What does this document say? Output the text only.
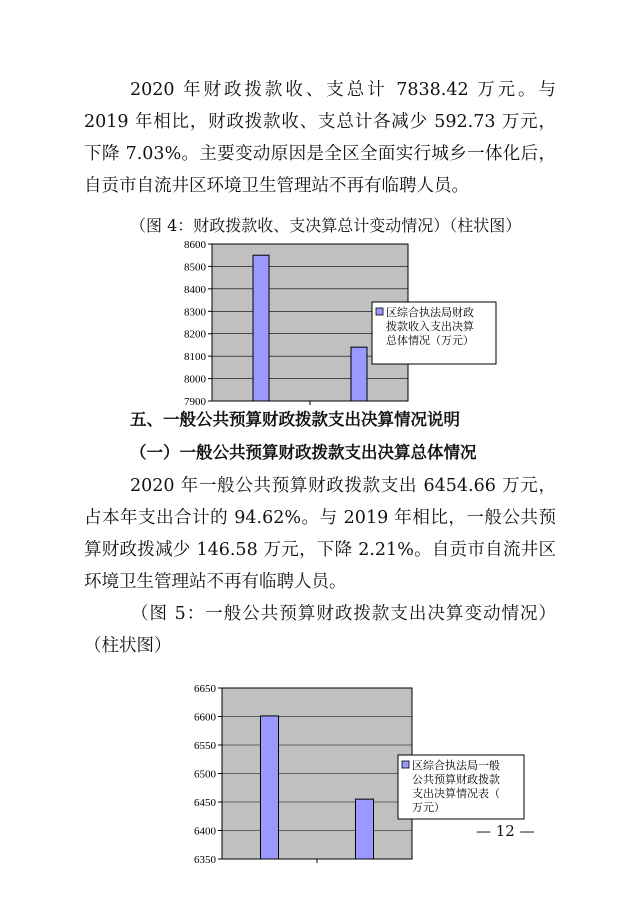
2020 年财政拨款收、支总计 7838.42 万元。与 2019 年相比，财政拨款收、支总计各减少 592.73 万元，下降 7.03%。主要变动原因是全区全面实行城乡一体化后，自贡市自流井区环境卫生管理站不再有临聘人员。

（图 4：财政拨款收、支决算总计变动情况）（柱状图）
8600
8500
8400
8300
8200
8100
8000
7900
区综合执法局财政拨款收入支出决算总体情况（万元）
五、一般公共预算财政拨款支出决算情况说明
（一）一般公共预算财政拨款支出决算总体情况

2020 年一般公共预算财政拨款支出 6454.66 万元，占本年支出合计的 94.62%。与 2019 年相比，一般公共预算财政拨减少 146.58 万元，下降 2.21%。自贡市自流井区环境卫生管理站不再有临聘人员。

（图 5：一般公共预算财政拨款支出决算变动情况）（柱状图）

6650
6600
6550
6500
6450
6400
6350
区综合执法局一般公共预算财政拨款支出决算情况表（万元）
— 12 —
